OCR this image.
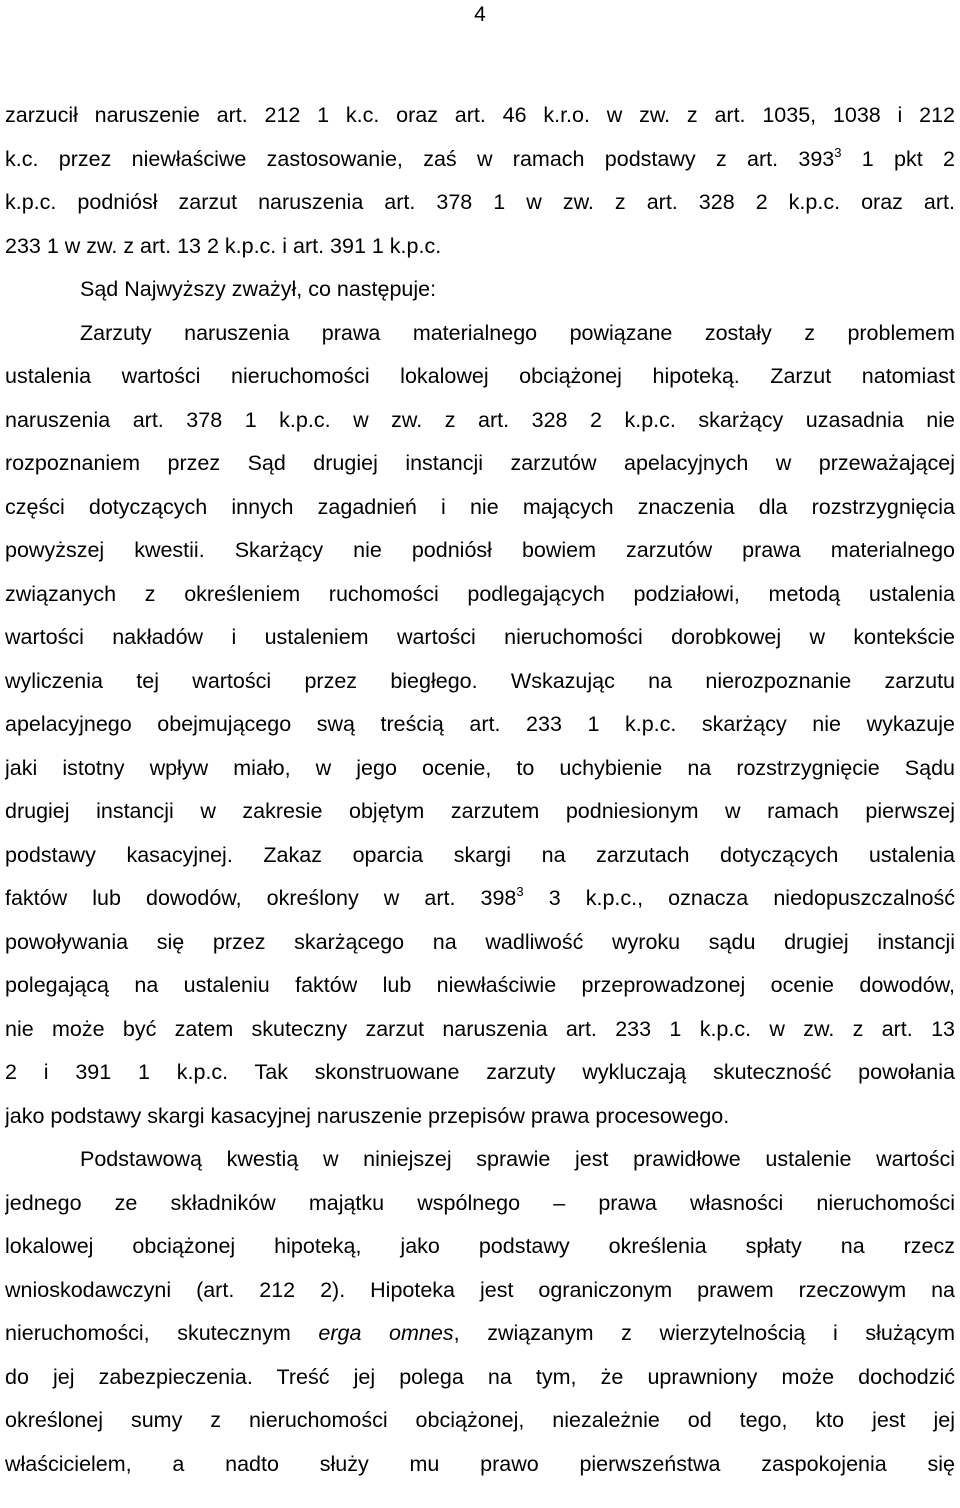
4
zarzucił naruszenie art. 212 1 k.c. oraz art. 46 k.r.o. w zw. z art. 1035, 1038 i 212
k.c. przez niewłaściwe zastosowanie, zaś w ramach podstawy z art. $393^3$ 1 pkt 2
k.p.c. podniósł zarzut naruszenia art. 378 1 w zw. z art. 328 2 k.p.c. oraz art.
233 1 w zw. z art. 13 2 k.p.c. i art. 391 1 k.p.c.
Sąd Najwyższy zważył, co następuje:
Zarzuty naruszenia prawa materialnego powiązane zostały z problemem
ustalenia wartości nieruchomości lokalowej obciążonej hipoteką. Zarzut natomiast
naruszenia art. 378 1 k.p.c. w zw. z art. 328 2 k.p.c. skarżący uzasadnia nie
rozpoznaniem przez Sąd drugiej instancji zarzutów apelacyjnych w przeważającej
części dotyczących innych zagadnień i nie mających znaczenia dla rozstrzygnięcia
powyższej kwestii. Skarżący nie podniósł bowiem zarzutów prawa materialnego
związanych z określeniem ruchomości podlegających podziałowi, metodą ustalenia
wartości nakładów i ustaleniem wartości nieruchomości dorobkowej w kontekście
wyliczenia tej wartości przez biegłego. Wskazując na nierozpoznanie zarzutu
apelacyjnego obejmującego swą treścią art. 233 1 k.p.c. skarżący nie wykazuje
jaki istotny wpływ miało, w jego ocenie, to uchybienie na rozstrzygnięcie Sądu
drugiej instancji w zakresie objętym zarzutem podniesionym w ramach pierwszej
podstawy kasacyjnej. Zakaz oparcia skargi na zarzutach dotyczących ustalenia
faktów lub dowodów, określony w art. $398^3$ 3 k.p.c., oznacza niedopuszczalność
powoływania się przez skarżącego na wadliwość wyroku sądu drugiej instancji
polegającą na ustaleniu faktów lub niewłaściwie przeprowadzonej ocenie dowodów,
nie może być zatem skuteczny zarzut naruszenia art. 233 1 k.p.c. w zw. z art. 13
2 i 391 1 k.p.c. Tak skonstruowane zarzuty wykluczają skuteczność powołania
jako podstawy skargi kasacyjnej naruszenie przepisów prawa procesowego.
Podstawową kwestią w niniejszej sprawie jest prawidłowe ustalenie wartości
jednego ze składników majątku wspólnego – prawa własności nieruchomości
lokalowej obciążonej hipoteką, jako podstawy określenia spłaty na rzecz
wnioskodawczyni (art. 212 2). Hipoteka jest ograniczonym prawem rzeczowym na
nieruchomości, skutecznym erga omnes, związanym z wierzytelnością i służącym
do jej zabezpieczenia. Treść jej polega na tym, że uprawniony może dochodzić
określonej sumy z nieruchomości obciążonej, niezależnie od tego, kto jest jej
właścicielem, a nadto służy mu prawo pierwszeństwa zaspokojenia się
